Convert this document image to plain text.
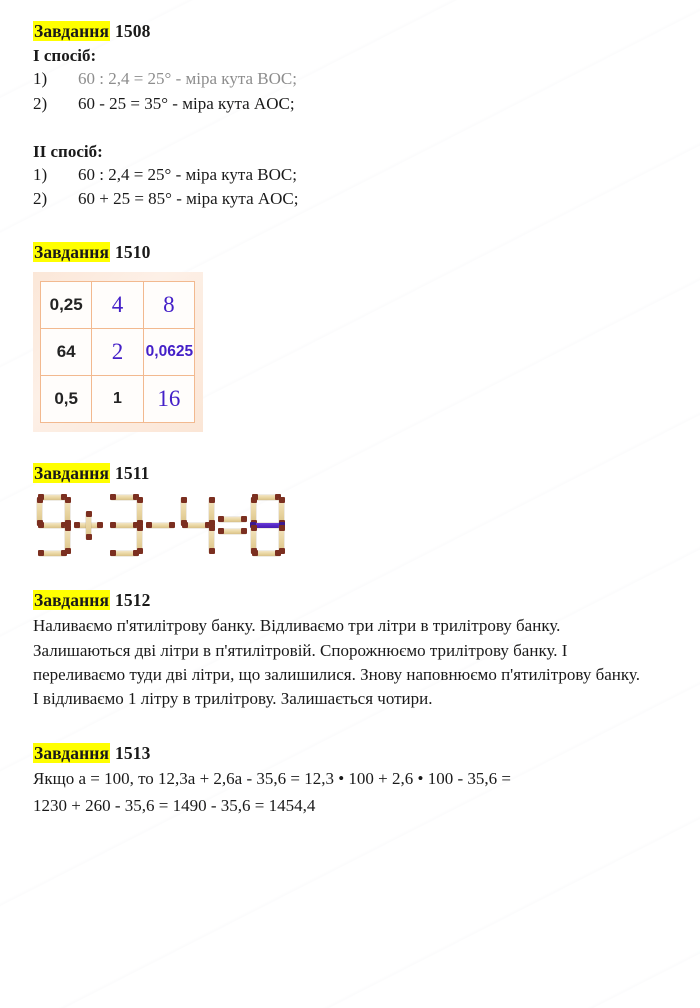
Завдання 1508
I спосіб:
1) 60 : 2,4 = 25° - міра кута BOC;
2) 60 - 25 = 35° - міра кута AOC;
II спосіб:
1) 60 : 2,4 = 25° - міра кута BOC;
2) 60 + 25 = 85° - міра кута AOC;
Завдання 1510
0,25	4	8
64	2	0,0625
0,5	1	16
Завдання 1511
Завдання 1512

Наливаємо п'ятилітрову банку. Відливаємо три літри в трилітрову банку. Залишаються дві літри в п'ятилітровій. Спорожнюємо трилітрову банку. І переливаємо туди дві літри, що залишилися. Знову наповнюємо п'ятилітрову банку. І відливаємо 1 літру в трилітрову. Залишається чотири.

Завдання 1513

Якщо a = 100, то 12,3a + 2,6a - 35,6 = 12,3 • 100 + 2,6 • 100 - 35,6 =

1230 + 260 - 35,6 = 1490 - 35,6 = 1454,4
